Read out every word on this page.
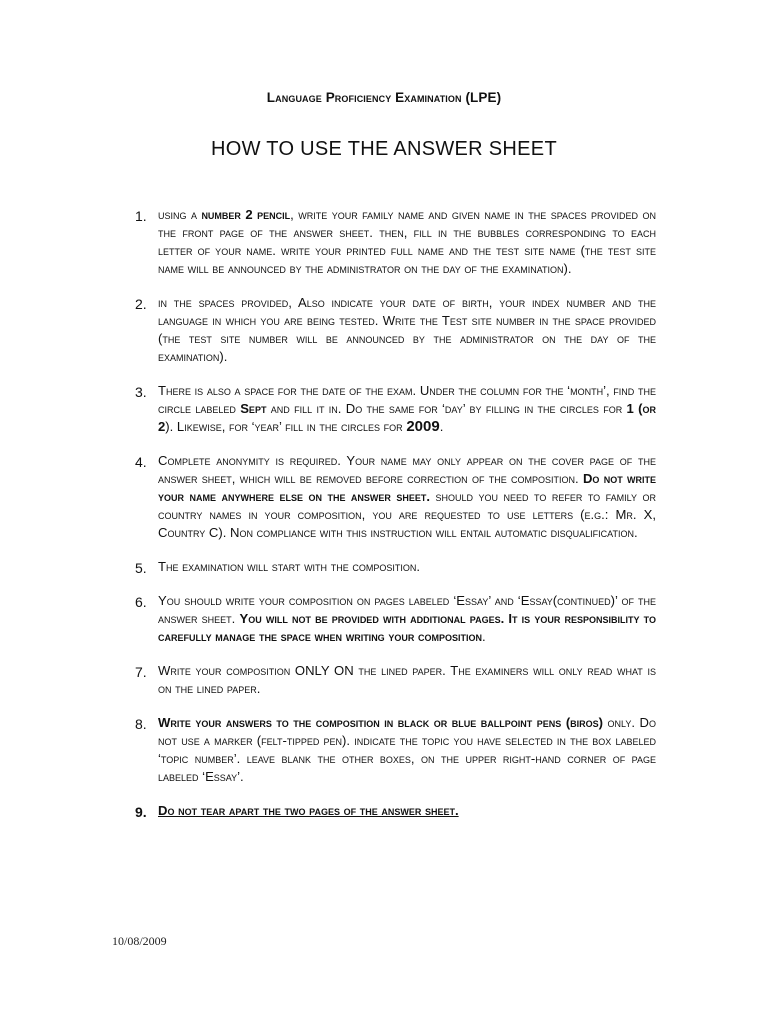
Language Proficiency Examination (LPE)
HOW TO USE THE ANSWER SHEET
1. using a number 2 pencil, write your family name and given name in the spaces provided on the front page of the answer sheet. then, fill in the bubbles corresponding to each letter of your name. write your printed full name and the test site name (the test site name will be announced by the administrator on the day of the examination).
2. in the spaces provided, Also indicate your date of birth, your index number and the language in which you are being tested. Write the Test site number in the space provided (the test site number will be announced by the administrator on the day of the examination).
3. There is also a space for the date of the exam. Under the column for the ‘month’, find the circle labeled Sept and fill it in. Do the same for ‘day’ by filling in the circles for 1 (or 2). Likewise, for ‘year’ fill in the circles for 2009.
4. Complete anonymity is required. Your name may only appear on the cover page of the answer sheet, which will be removed before correction of the composition. Do not write your name anywhere else on the answer sheet. should you need to refer to family or country names in your composition, you are requested to use letters (e.g.: Mr. X, Country C). Non compliance with this instruction will entail automatic disqualification.
5. The examination will start with the composition.
6. You should write your composition on pages labeled ‘Essay’ and ‘Essay(continued)’ of the answer sheet. You will not be provided with additional pages. It is your responsibility to carefully manage the space when writing your composition.
7. Write your composition ONLY ON the lined paper. The examiners will only read what is on the lined paper.
8. Write your answers to the composition in black or blue ballpoint pens (biros) only. Do not use a marker (felt-tipped pen). indicate the topic you have selected in the box labeled ‘topic number’. leave blank the other boxes, on the upper right-hand corner of page labeled ‘Essay’.
9. Do not tear apart the two pages of the answer sheet.
10/08/2009
